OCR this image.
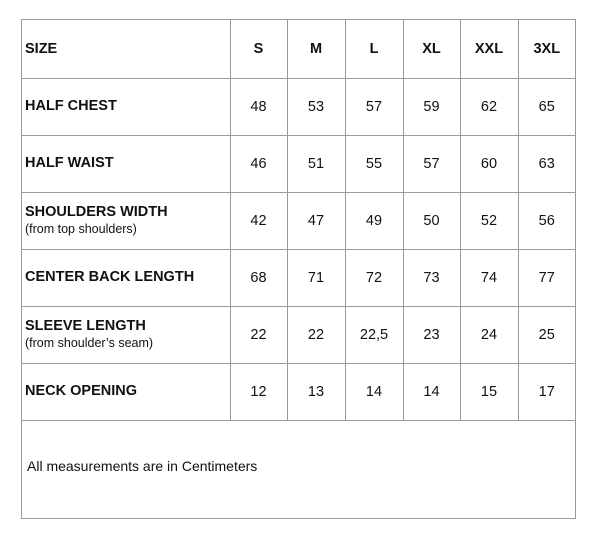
SIZE	S	M	L	XL	XXL	3XL

HALF CHEST	48	53	57	59	62	65

HALF WAIST	46	51	55	57	60	63

SHOULDERS WIDTH
(from top shoulders)	42	47	49	50	52	56

CENTER BACK LENGTH	68	71	72	73	74	77

SLEEVE LENGTH
(from shoulder’s seam)	22	22	22,5	23	24	25

NECK OPENING	12	13	14	14	15	17
All measurements are in Centimeters
